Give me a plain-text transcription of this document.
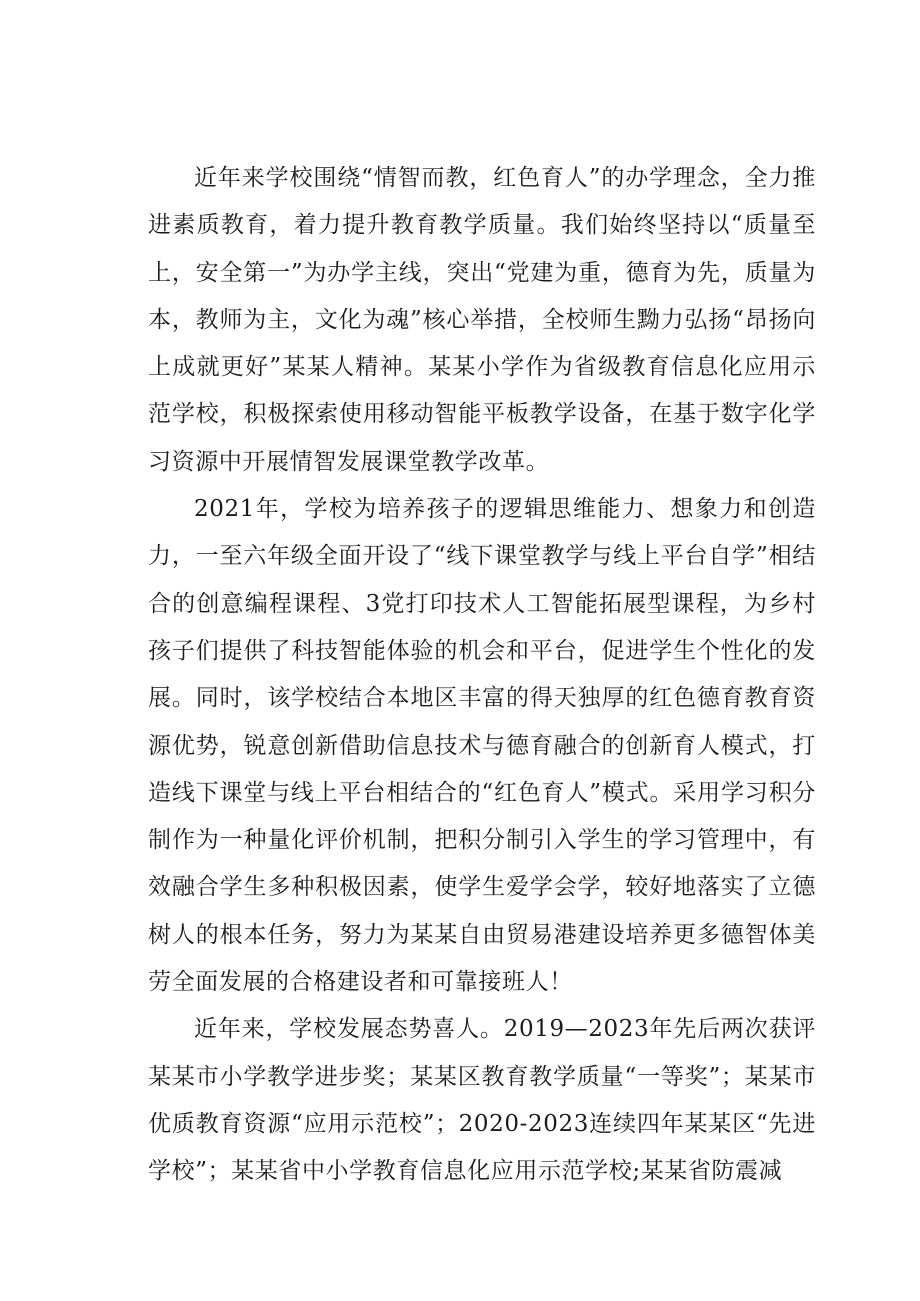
近年来学校围绕“情智而教，红色育人”的办学理念，全力推进素质教育，着力提升教育教学质量。我们始终坚持以“质量至上，安全第一”为办学主线，突出“党建为重，德育为先，质量为本，教师为主，文化为魂”核心举措，全校师生黝力弘扬“昂扬向上成就更好”某某人精神。某某小学作为省级教育信息化应用示范学校，积极探索使用移动智能平板教学设备，在基于数字化学习资源中开展情智发展课堂教学改革。

2021年，学校为培养孩子的逻辑思维能力、想象力和创造力，一至六年级全面开设了“线下课堂教学与线上平台自学”相结合的创意编程课程、3党打印技术人工智能拓展型课程，为乡村孩子们提供了科技智能体验的机会和平台，促进学生个性化的发展。同时，该学校结合本地区丰富的得天独厚的红色德育教育资源优势，锐意创新借助信息技术与德育融合的创新育人模式，打造线下课堂与线上平台相结合的“红色育人”模式。采用学习积分制作为一种量化评价机制，把积分制引入学生的学习管理中，有效融合学生多种积极因素，使学生爱学会学，较好地落实了立德树人的根本任务，努力为某某自由贸易港建设培养更多德智体美劳全面发展的合格建设者和可靠接班人！

近年来，学校发展态势喜人。2019—2023年先后两次获评某某市小学教学进步奖；某某区教育教学质量“一等奖”；某某市优质教育资源“应用示范校”；2020-2023连续四年某某区“先进学校”；某某省中小学教育信息化应用示范学校;某某省防震减
